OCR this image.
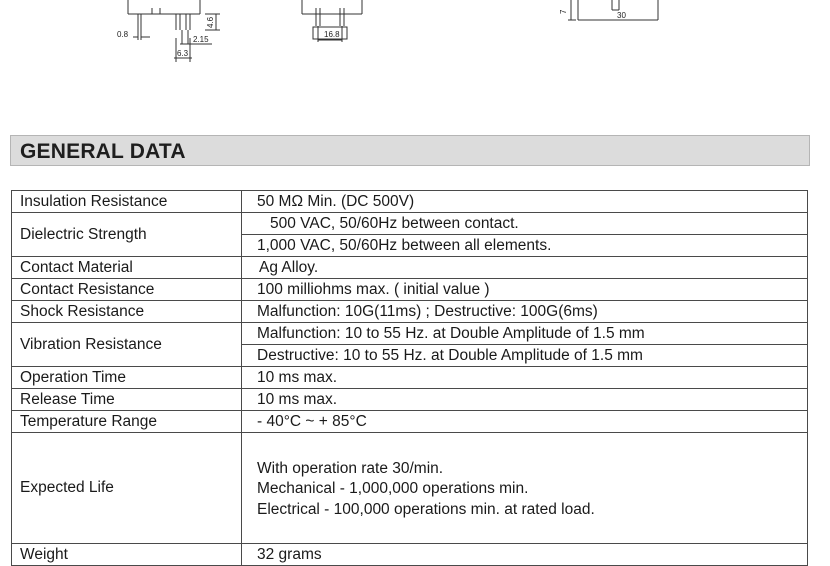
0.8
2.15
6.3
4.6
16.8
7	30
GENERAL DATA
Insulation Resistance	50 MΩ Min. (DC 500V)
Dielectric Strength	500 VAC, 50/60Hz between contact.
	1,000 VAC, 50/60Hz between all elements.
Contact Material	Ag Alloy.
Contact Resistance	100 milliohms max. ( initial value )
Shock Resistance	Malfunction: 10G(11ms) ; Destructive: 100G(6ms)
Vibration Resistance	Malfunction: 10 to 55 Hz. at Double Amplitude of 1.5 mm
	Destructive: 10 to 55 Hz. at Double Amplitude of 1.5 mm
Operation Time	10 ms max.
Release Time	10 ms max.
Temperature Range	- 40°C ~ + 85°C
Expected Life	With operation rate 30/min.
Mechanical - 1,000,000 operations min.
Electrical - 100,000 operations min. at rated load.

Weight	32 grams
